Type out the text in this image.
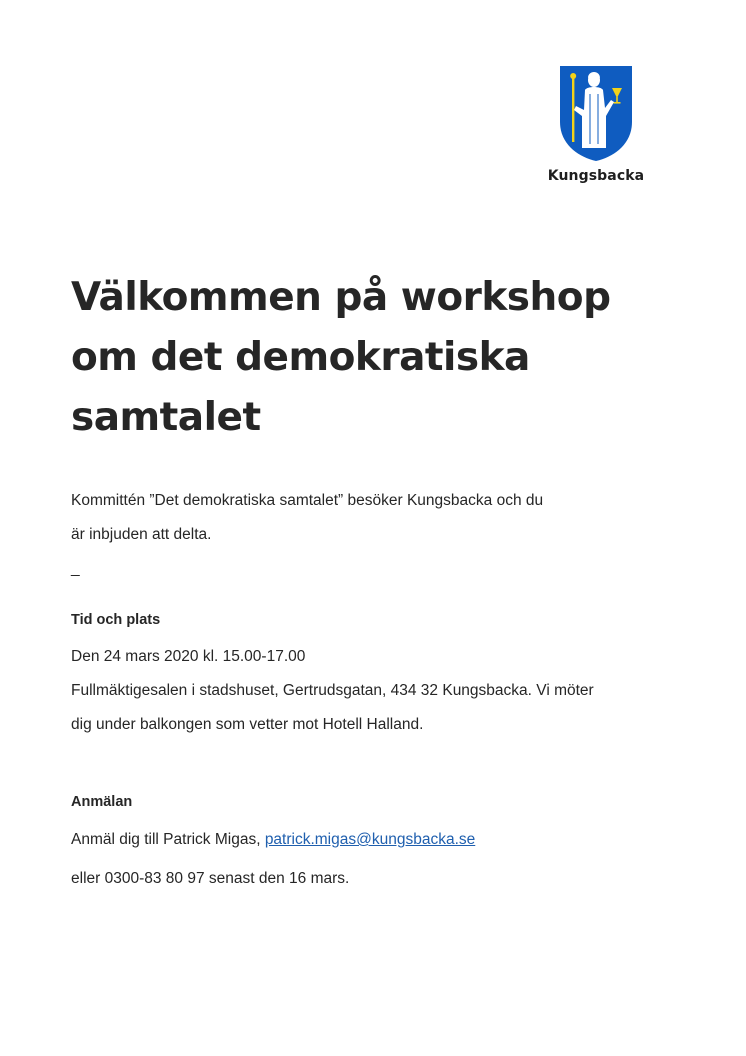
Kungsbacka
Välkommen på workshop
om det demokratiska
samtalet
Kommittén ”Det demokratiska samtalet” besöker Kungsbacka och du
är inbjuden att delta.
_
Tid och plats
Den 24 mars 2020 kl. 15.00-17.00
Fullmäktigesalen i stadshuset, Gertrudsgatan, 434 32 Kungsbacka. Vi möter
dig under balkongen som vetter mot Hotell Halland.
Anmälan
Anmäl dig till Patrick Migas, patrick.migas@kungsbacka.se
eller 0300-83 80 97 senast den 16 mars.
